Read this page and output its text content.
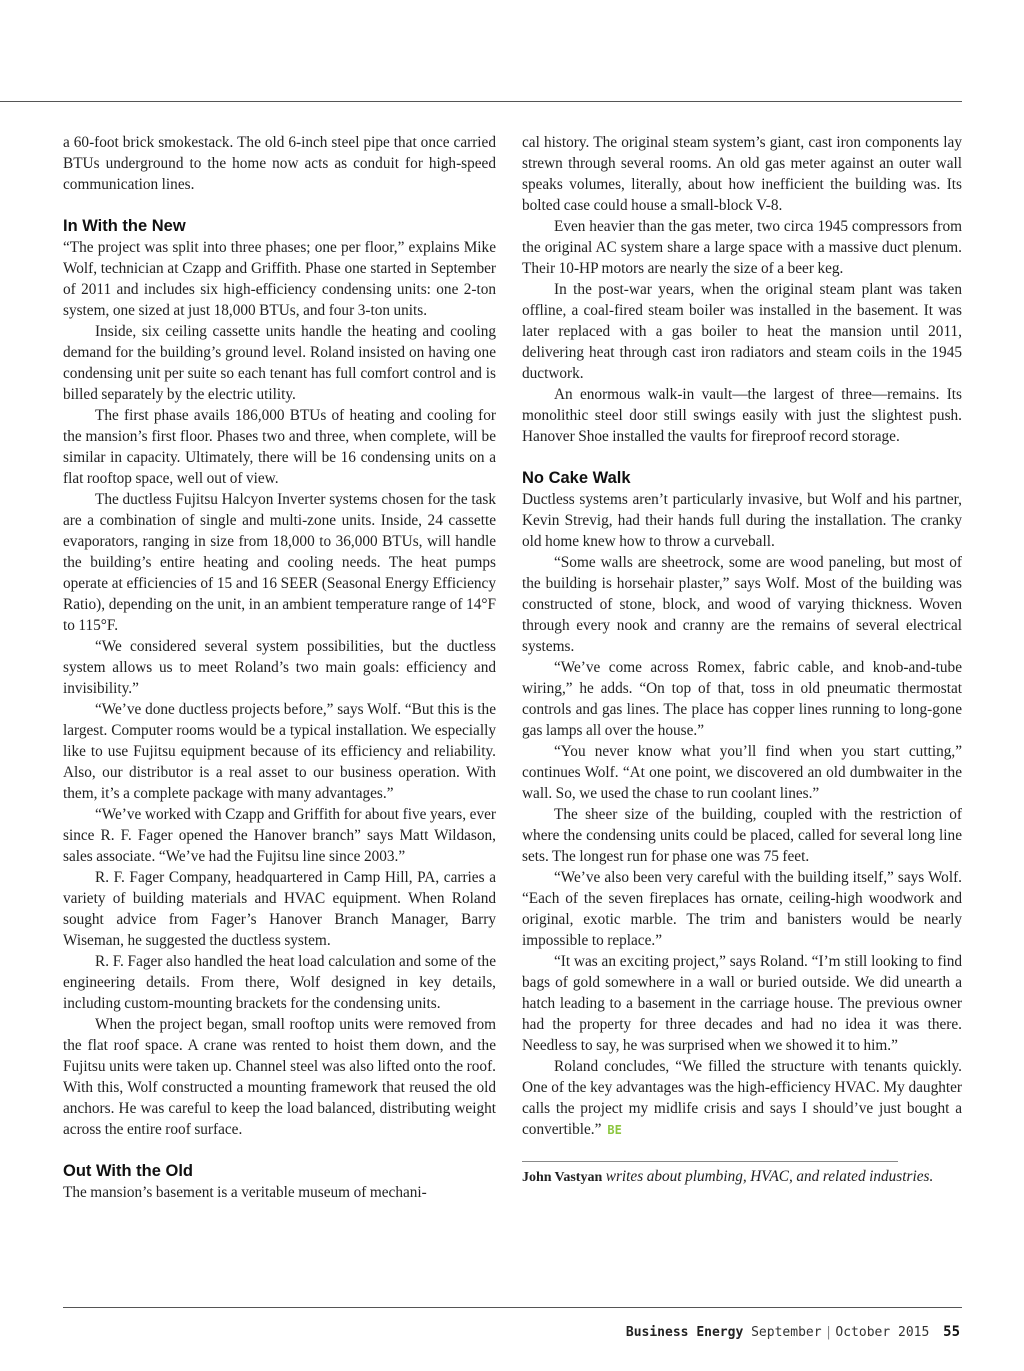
a 60-foot brick smokestack. The old 6-inch steel pipe that once carried BTUs underground to the home now acts as conduit for high-speed communication lines.

In With the New

“The project was split into three phases; one per floor,” explains Mike Wolf, technician at Czapp and Griffith. Phase one started in September of 2011 and includes six high-efficiency condensing units: one 2-ton system, one sized at just 18,000 BTUs, and four 3-ton units.

Inside, six ceiling cassette units handle the heating and cooling demand for the building’s ground level. Roland insisted on having one condensing unit per suite so each tenant has full comfort control and is billed separately by the electric utility.

The first phase avails 186,000 BTUs of heating and cooling for the mansion’s first floor. Phases two and three, when complete, will be similar in capacity. Ultimately, there will be 16 condensing units on a flat rooftop space, well out of view.

The ductless Fujitsu Halcyon Inverter systems chosen for the task are a combination of single and multi-zone units. Inside, 24 cassette evaporators, ranging in size from 18,000 to 36,000 BTUs, will handle the building’s entire heating and cooling needs. The heat pumps operate at efficiencies of 15 and 16 SEER (Seasonal Energy Efficiency Ratio), depending on the unit, in an ambient temperature range of 14°F to 115°F.

“We considered several system possibilities, but the ductless system allows us to meet Roland’s two main goals: efficiency and invisibility.”

“We’ve done ductless projects before,” says Wolf. “But this is the largest. Computer rooms would be a typical installation. We especially like to use Fujitsu equipment because of its efficiency and reliability. Also, our distributor is a real asset to our business operation. With them, it’s a complete package with many advantages.”

“We’ve worked with Czapp and Griffith for about five years, ever since R. F. Fager opened the Hanover branch” says Matt Wildason, sales associate. “We’ve had the Fujitsu line since 2003.”

R. F. Fager Company, headquartered in Camp Hill, PA, carries a variety of building materials and HVAC equipment. When Roland sought advice from Fager’s Hanover Branch Manager, Barry Wiseman, he suggested the ductless system.

R. F. Fager also handled the heat load calculation and some of the engineering details. From there, Wolf designed in key details, including custom-mounting brackets for the condensing units.

When the project began, small rooftop units were removed from the flat roof space. A crane was rented to hoist them down, and the Fujitsu units were taken up. Channel steel was also lifted onto the roof. With this, Wolf constructed a mounting framework that reused the old anchors. He was careful to keep the load balanced, distributing weight across the entire roof surface.

Out With the Old

The mansion’s basement is a veritable museum of mechani-

cal history. The original steam system’s giant, cast iron components lay strewn through several rooms. An old gas meter against an outer wall speaks volumes, literally, about how inefficient the building was. Its bolted case could house a small-block V-8.

Even heavier than the gas meter, two circa 1945 compressors from the original AC system share a large space with a massive duct plenum. Their 10-HP motors are nearly the size of a beer keg.

In the post-war years, when the original steam plant was taken offline, a coal-fired steam boiler was installed in the basement. It was later replaced with a gas boiler to heat the mansion until 2011, delivering heat through cast iron radiators and steam coils in the 1945 ductwork.

An enormous walk-in vault—the largest of three—remains. Its monolithic steel door still swings easily with just the slightest push. Hanover Shoe installed the vaults for fireproof record storage.

No Cake Walk

Ductless systems aren’t particularly invasive, but Wolf and his partner, Kevin Strevig, had their hands full during the installation. The cranky old home knew how to throw a curveball.

“Some walls are sheetrock, some are wood paneling, but most of the building is horsehair plaster,” says Wolf. Most of the building was constructed of stone, block, and wood of varying thickness. Woven through every nook and cranny are the remains of several electrical systems.

“We’ve come across Romex, fabric cable, and knob-and-tube wiring,” he adds. “On top of that, toss in old pneumatic thermostat controls and gas lines. The place has copper lines running to long-gone gas lamps all over the house.”

“You never know what you’ll find when you start cutting,” continues Wolf. “At one point, we discovered an old dumbwaiter in the wall. So, we used the chase to run coolant lines.”

The sheer size of the building, coupled with the restriction of where the condensing units could be placed, called for several long line sets. The longest run for phase one was 75 feet.

“We’ve also been very careful with the building itself,” says Wolf. “Each of the seven fireplaces has ornate, ceiling-high woodwork and original, exotic marble. The trim and banisters would be nearly impossible to replace.”

“It was an exciting project,” says Roland. “I’m still looking to find bags of gold somewhere in a wall or buried outside. We did unearth a hatch leading to a basement in the carriage house. The previous owner had the property for three decades and had no idea it was there. Needless to say, he was surprised when we showed it to him.”

Roland concludes, “We filled the structure with tenants quickly. One of the key advantages was the high-efficiency HVAC. My daughter calls the project my midlife crisis and says I should’ve just bought a convertible.” BE

John Vastyan writes about plumbing, HVAC, and related industries.

Business Energy September | October 2015 55
